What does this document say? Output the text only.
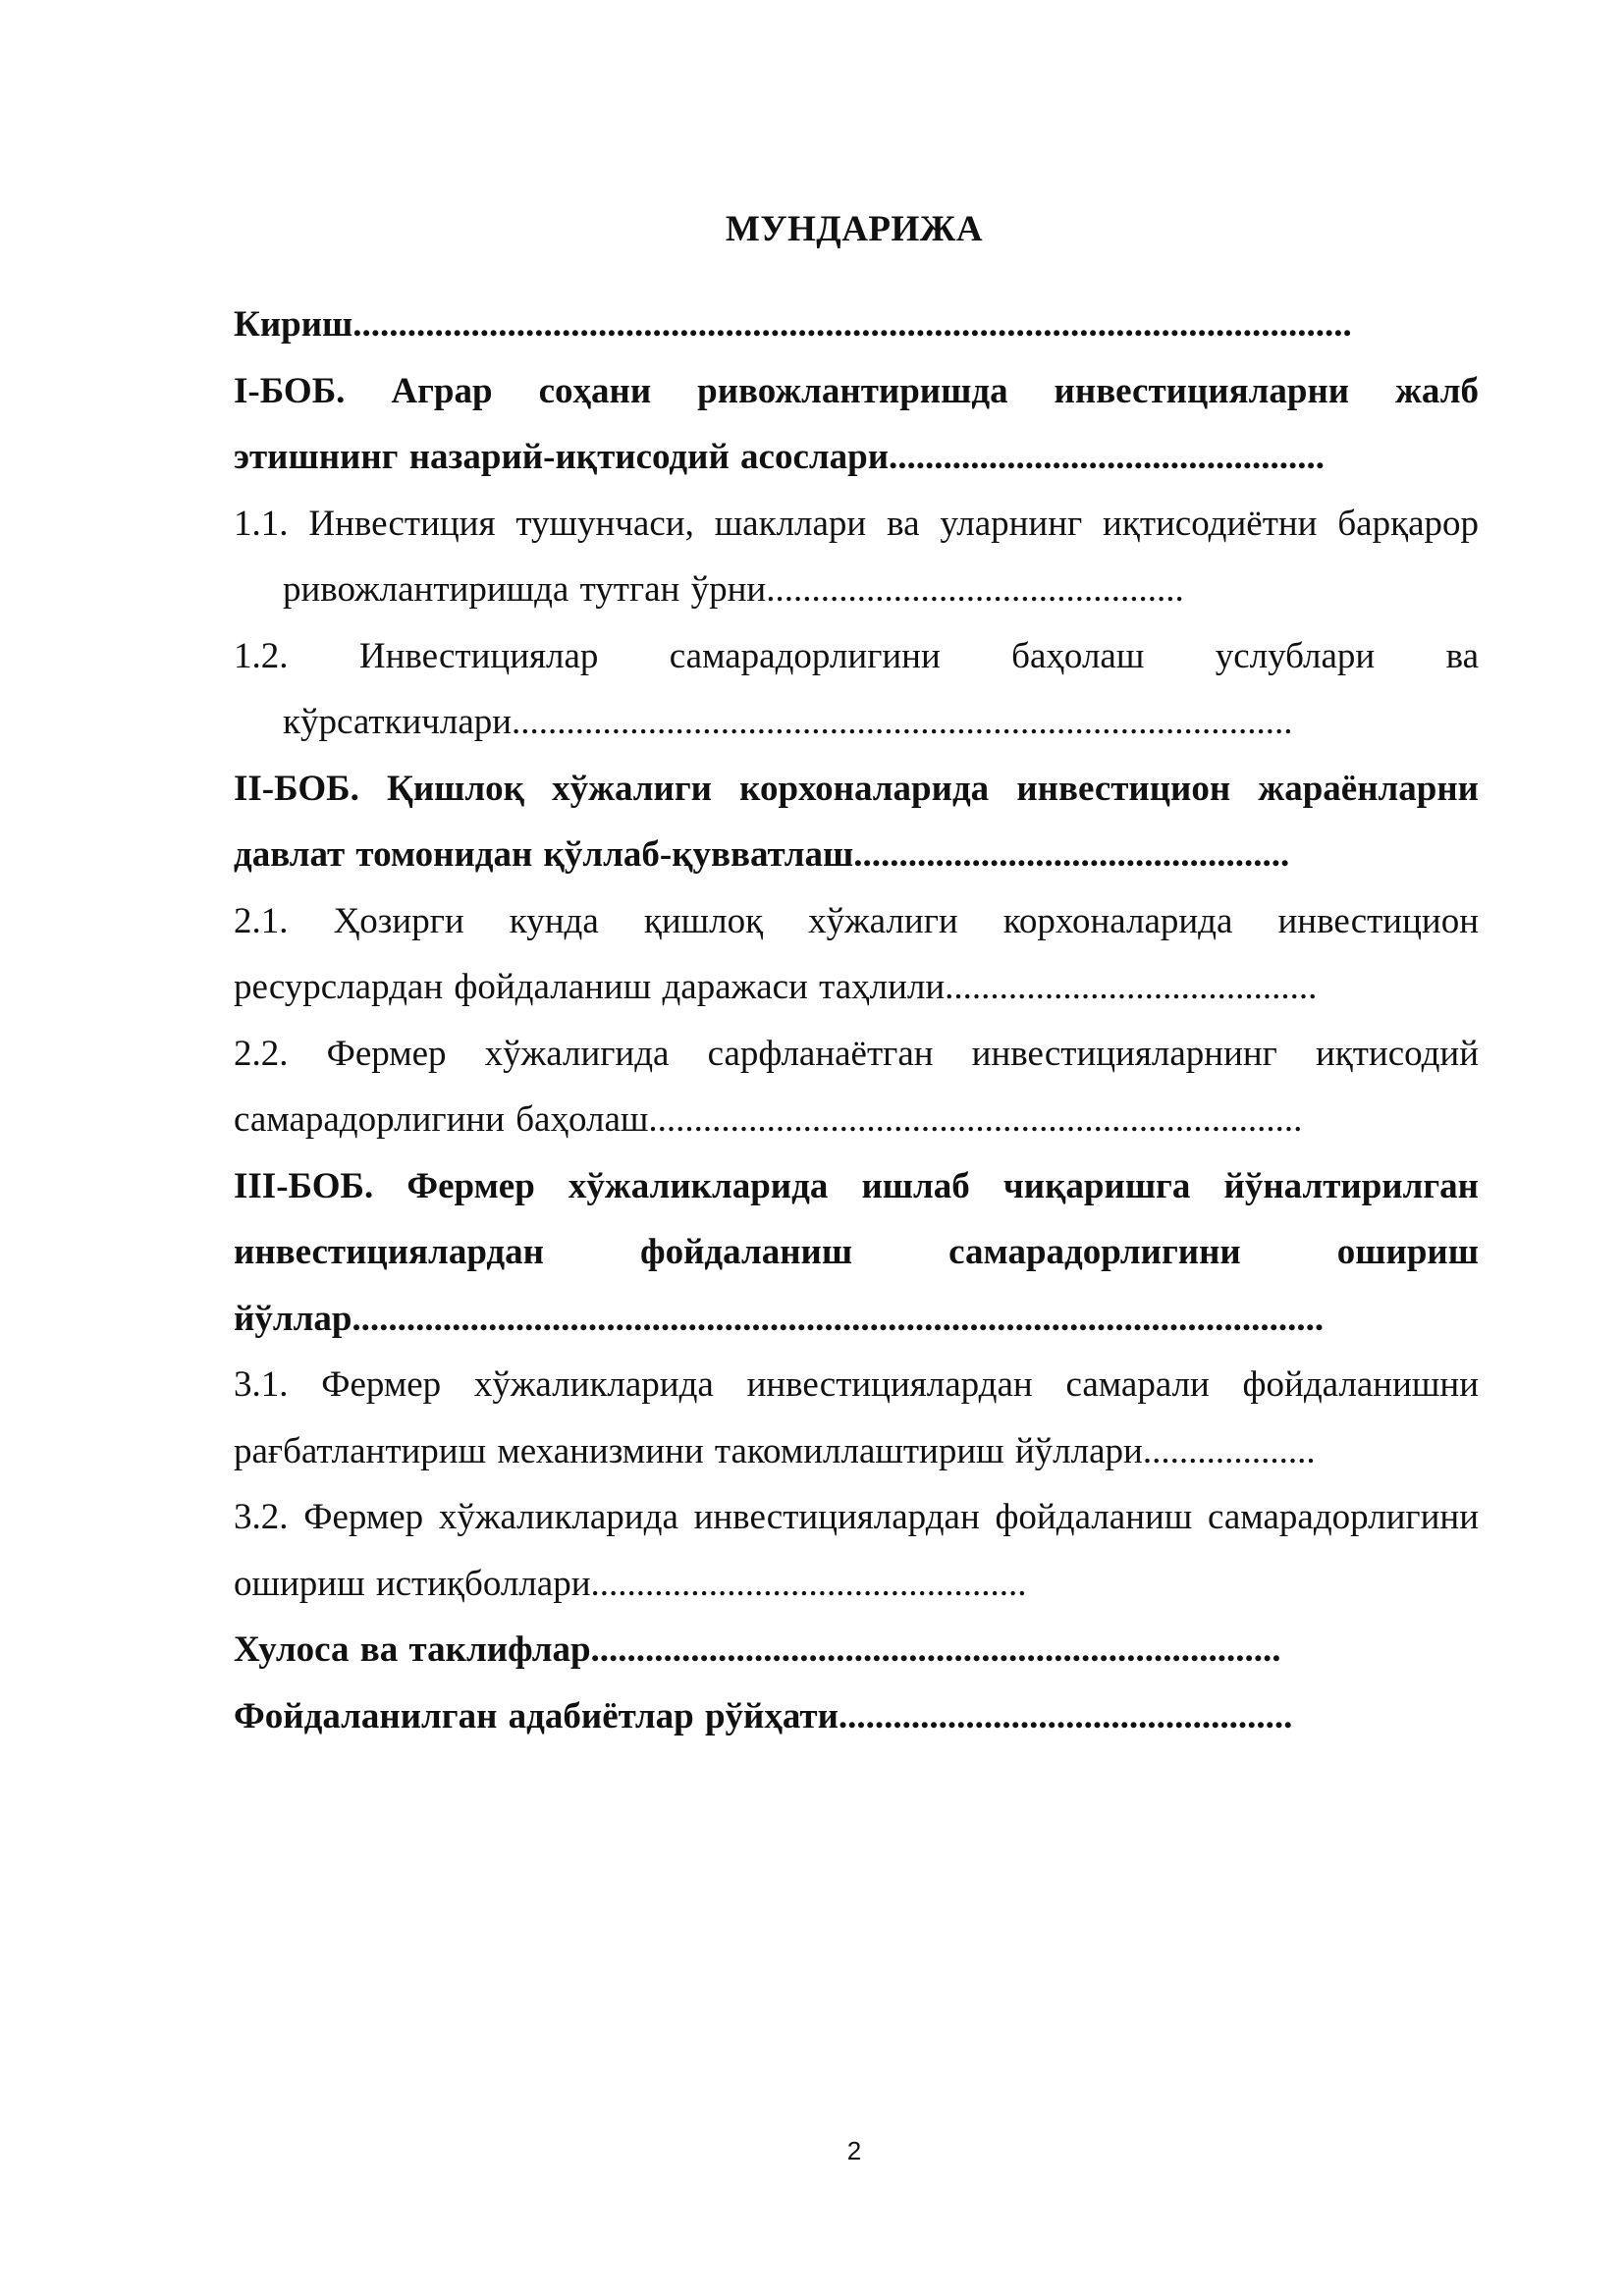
МУНДАРИЖА

Кириш..............................................................................................................

І-БОБ. Аграр соҳани ривожлантиришда инвестицияларни жалб этишнинг назарий-иқтисодий асослари................................................

1.1. Инвестиция тушунчаси, шакллари ва уларнинг иқтисодиётни барқарор ривожлантиришда тутган ўрни..............................................

1.2. Инвестициялар самарадорлигини баҳолаш услублари ва кўрсаткичлари......................................................................................

ІІ-БОБ. Қишлоқ хўжалиги корхоналарида инвестицион жараёнларни давлат томонидан қўллаб-қувватлаш................................................

2.1. Ҳозирги кунда қишлоқ хўжалиги корхоналарида инвестицион ресурслардан фойдаланиш даражаси таҳлили.........................................

2.2. Фермер хўжалигида сарфланаётган инвестицияларнинг иқтисодий самарадорлигини баҳолаш........................................................................

ІІІ-БОБ. Фермер хўжаликларида ишлаб чиқаришга йўналтирилган инвестициялардан фойдаланиш самарадорлигини ошириш йўллар...........................................................................................................

3.1. Фермер хўжаликларида инвестициялардан самарали фойдаланишни рағбатлантириш механизмини такомиллаштириш йўллари...................

3.2. Фермер хўжаликларида инвестициялардан фойдаланиш самарадорлигини ошириш истиқболлари................................................

Хулоса ва таклифлар............................................................................

Фойдаланилган адабиётлар рўйҳати..................................................

2
